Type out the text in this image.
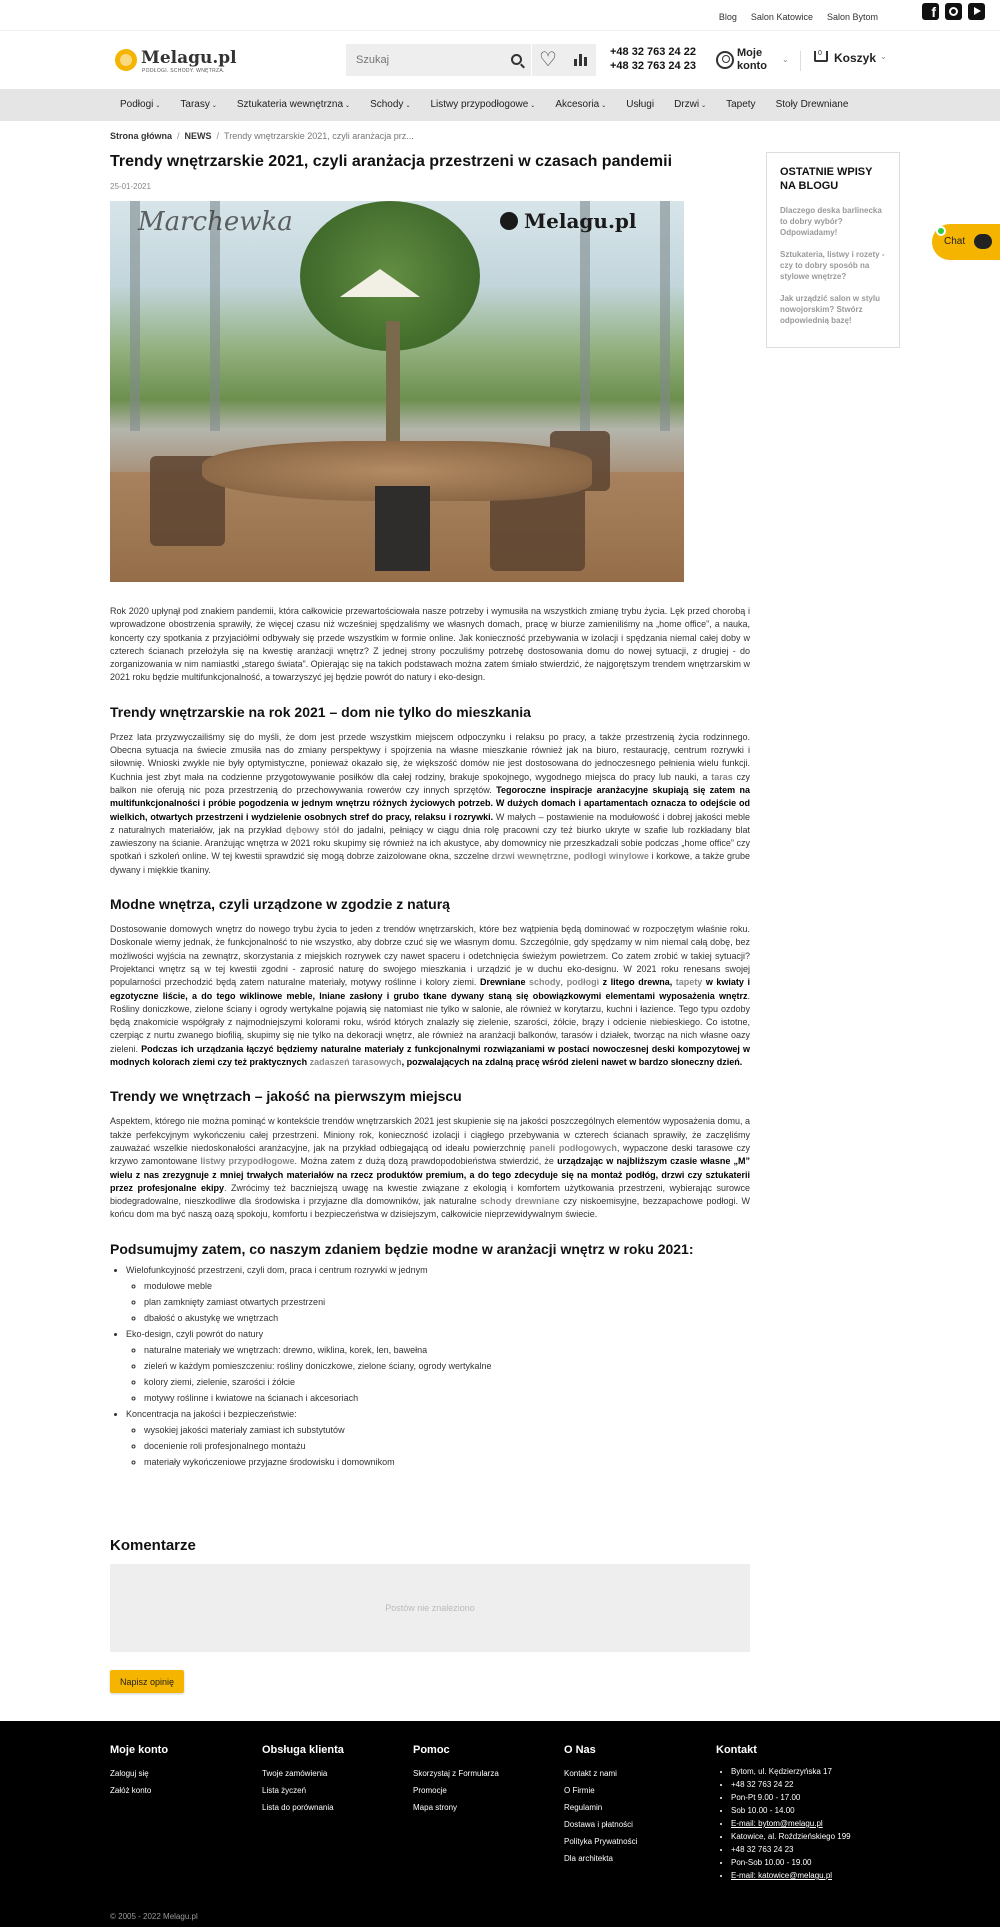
Blog Salon Katowice Salon Bytom
f
Melagu.pl
PODŁOGI. SCHODY. WNĘTRZA.
Szukaj
♡
+48 32 763 24 22
+48 32 763 24 23
Moje
konto
⌄
0 Koszyk ⌄
Podłogi ⌄	Tarasy ⌄	Sztukateria wewnętrzna ⌄	Schody ⌄	Listwy przypodłogowe ⌄	Akcesoria ⌄	Usługi	Drzwi ⌄	Tapety	Stoły Drewniane
Strona główna / NEWS / Trendy wnętrzarskie 2021, czyli aranżacja prz...
Trendy wnętrzarskie 2021, czyli aranżacja przestrzeni w czasach pandemii
25-01-2021
Marchewka	Melagu.pl

Rok 2020 upłynął pod znakiem pandemii, która całkowicie przewartościowała nasze potrzeby i wymusiła na wszystkich zmianę trybu życia. Lęk przed chorobą i wprowadzone obostrzenia sprawiły, że więcej czasu niż wcześniej spędzaliśmy we własnych domach, pracę w biurze zamieniliśmy na „home office”, a nauka, koncerty czy spotkania z przyjaciółmi odbywały się przede wszystkim w formie online. Jak konieczność przebywania w izolacji i spędzania niemal całej doby w czterech ścianach przełożyła się na kwestię aranżacji wnętrz? Z jednej strony poczuliśmy potrzebę dostosowania domu do nowej sytuacji, z drugiej - do zorganizowania w nim namiastki „starego świata”. Opierając się na takich podstawach można zatem śmiało stwierdzić, że najgorętszym trendem wnętrzarskim w 2021 roku będzie multifunkcjonalność, a towarzyszyć jej będzie powrót do natury i eko-design.

Trendy wnętrzarskie na rok 2021 – dom nie tylko do mieszkania

Przez lata przyzwyczailiśmy się do myśli, że dom jest przede wszystkim miejscem odpoczynku i relaksu po pracy, a także przestrzenią życia rodzinnego. Obecna sytuacja na świecie zmusiła nas do zmiany perspektywy i spojrzenia na własne mieszkanie również jak na biuro, restaurację, centrum rozrywki i siłownię. Wnioski zwykle nie były optymistyczne, ponieważ okazało się, że większość domów nie jest dostosowana do jednoczesnego pełnienia wielu funkcji. Kuchnia jest zbyt mała na codzienne przygotowywanie posiłków dla całej rodziny, brakuje spokojnego, wygodnego miejsca do pracy lub nauki, a taras czy balkon nie oferują nic poza przestrzenią do przechowywania rowerów czy innych sprzętów. Tegoroczne inspiracje aranżacyjne skupiają się zatem na multifunkcjonalności i próbie pogodzenia w jednym wnętrzu różnych życiowych potrzeb. W dużych domach i apartamentach oznacza to odejście od wielkich, otwartych przestrzeni i wydzielenie osobnych stref do pracy, relaksu i rozrywki. W małych – postawienie na modułowość i dobrej jakości meble z naturalnych materiałów, jak na przykład dębowy stół do jadalni, pełniący w ciągu dnia rolę pracowni czy też biurko ukryte w szafie lub rozkładany blat zawieszony na ścianie. Aranżując wnętrza w 2021 roku skupimy się również na ich akustyce, aby domownicy nie przeszkadzali sobie podczas „home office” czy spotkań i szkoleń online. W tej kwestii sprawdzić się mogą dobrze zaizolowane okna, szczelne drzwi wewnętrzne, podłogi winylowe i korkowe, a także grube dywany i miękkie tkaniny.

Modne wnętrza, czyli urządzone w zgodzie z naturą

Dostosowanie domowych wnętrz do nowego trybu życia to jeden z trendów wnętrzarskich, które bez wątpienia będą dominować w rozpoczętym właśnie roku. Doskonale wiemy jednak, że funkcjonalność to nie wszystko, aby dobrze czuć się we własnym domu. Szczególnie, gdy spędzamy w nim niemal całą dobę, bez możliwości wyjścia na zewnątrz, skorzystania z miejskich rozrywek czy nawet spaceru i odetchnięcia świeżym powietrzem. Co zatem zrobić w takiej sytuacji? Projektanci wnętrz są w tej kwestii zgodni - zaprosić naturę do swojego mieszkania i urządzić je w duchu eko-designu. W 2021 roku renesans swojej popularności przechodzić będą zatem naturalne materiały, motywy roślinne i kolory ziemi. Drewniane schody, podłogi z litego drewna, tapety w kwiaty i egzotyczne liście, a do tego wiklinowe meble, lniane zasłony i grubo tkane dywany staną się obowiązkowymi elementami wyposażenia wnętrz. Rośliny doniczkowe, zielone ściany i ogrody wertykalne pojawią się natomiast nie tylko w salonie, ale również w korytarzu, kuchni i łazience. Tego typu ozdoby będą znakomicie współgrały z najmodniejszymi kolorami roku, wśród których znalazły się zielenie, szarości, żółcie, brązy i odcienie niebieskiego. Co istotne, czerpiąc z nurtu zwanego biofilią, skupimy się nie tylko na dekoracji wnętrz, ale również na aranżacji balkonów, tarasów i działek, tworząc na nich własne oazy zieleni. Podczas ich urządzania łączyć będziemy naturalne materiały z funkcjonalnymi rozwiązaniami w postaci nowoczesnej deski kompozytowej w modnych kolorach ziemi czy też praktycznych zadaszeń tarasowych, pozwalających na zdalną pracę wśród zieleni nawet w bardzo słoneczny dzień.

Trendy we wnętrzach – jakość na pierwszym miejscu

Aspektem, którego nie można pominąć w kontekście trendów wnętrzarskich 2021 jest skupienie się na jakości poszczególnych elementów wyposażenia domu, a także perfekcyjnym wykończeniu całej przestrzeni. Miniony rok, konieczność izolacji i ciągłego przebywania w czterech ścianach sprawiły, że zaczęliśmy zauważać wszelkie niedoskonałości aranżacyjne, jak na przykład odbiegającą od ideału powierzchnię paneli podłogowych, wypaczone deski tarasowe czy krzywo zamontowane listwy przypodłogowe. Można zatem z dużą dozą prawdopodobieństwa stwierdzić, że urządzając w najbliższym czasie własne „M” wielu z nas zrezygnuje z mniej trwałych materiałów na rzecz produktów premium, a do tego zdecyduje się na montaż podłóg, drzwi czy sztukaterii przez profesjonalne ekipy. Zwrócimy też baczniejszą uwagę na kwestie związane z ekologią i komfortem użytkowania przestrzeni, wybierając surowce biodegradowalne, nieszkodliwe dla środowiska i przyjazne dla domowników, jak naturalne schody drewniane czy niskoemisyjne, bezzapachowe podłogi. W końcu dom ma być naszą oazą spokoju, komfortu i bezpieczeństwa w dzisiejszym, całkowicie nieprzewidywalnym świecie.

Podsumujmy zatem, co naszym zdaniem będzie modne w aranżacji wnętrz w roku 2021:
• Wielofunkcyjność przestrzeni, czyli dom, praca i centrum rozrywki w jednym
◦ modułowe meble
◦ plan zamknięty zamiast otwartych przestrzeni
◦ dbałość o akustykę we wnętrzach
• Eko-design, czyli powrót do natury
◦ naturalne materiały we wnętrzach: drewno, wiklina, korek, len, bawełna
◦ zieleń w każdym pomieszczeniu: rośliny doniczkowe, zielone ściany, ogrody wertykalne
◦ kolory ziemi, zielenie, szarości i żółcie
◦ motywy roślinne i kwiatowe na ścianach i akcesoriach
• Koncentracja na jakości i bezpieczeństwie:
◦ wysokiej jakości materiały zamiast ich substytutów
◦ docenienie roli profesjonalnego montażu
◦ materiały wykończeniowe przyjazne środowisku i domownikom
OSTATNIE WPISY NA BLOGU
Dlaczego deska barlinecka to dobry wybór? Odpowiadamy!
Sztukateria, listwy i rozety - czy to dobry sposób na stylowe wnętrze?
Jak urządzić salon w stylu nowojorskim? Stwórz odpowiednią bazę!
Chat
Komentarze
Postów nie znaleziono
Napisz opinię
Moje konto
Zaloguj się
Załóż konto
Obsługa klienta
Twoje zamówienia
Lista życzeń
Lista do porównania
Pomoc
Skorzystaj z Formularza
Promocje
Mapa strony
O Nas
Kontakt z nami
O Firmie
Regulamin
Dostawa i płatności
Polityka Prywatności
Dla architekta
Kontakt
• Bytom, ul. Kędzierzyńska 17
• +48 32 763 24 22
• Pon-Pt 9.00 - 17.00
• Sob 10.00 - 14.00
• E-mail: bytom@melagu.pl
• Katowice, al. Roździeńskiego 199
• +48 32 763 24 23
• Pon-Sob 10.00 - 19.00
• E-mail: katowice@melagu.pl
© 2005 - 2022 Melagu.pl
